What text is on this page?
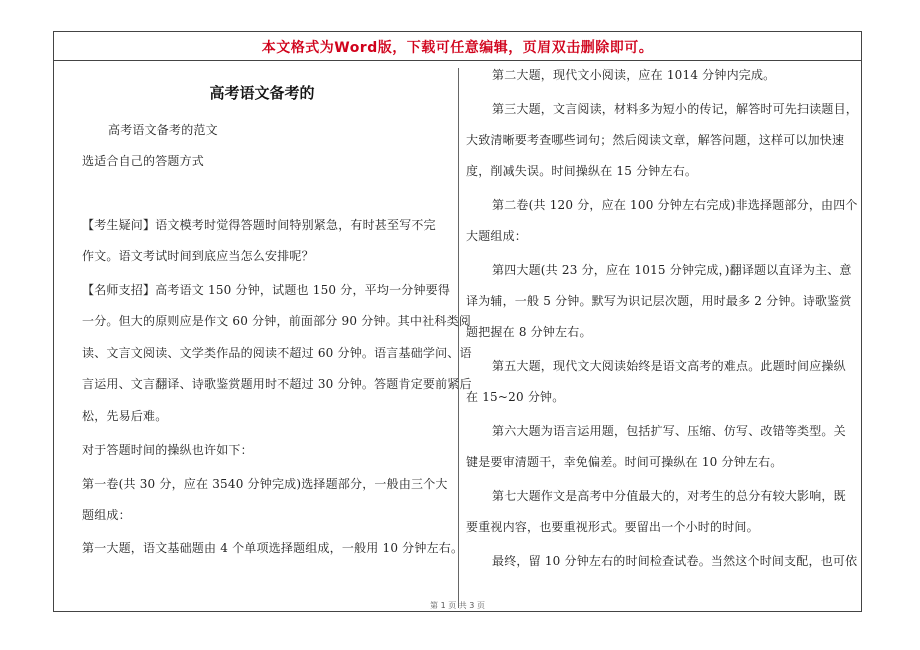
本文格式为Word版，下载可任意编辑，页眉双击删除即可。
高考语文备考的
高考语文备考的范文
选适合自己的答题方式
【考生疑问】语文模考时觉得答题时间特别紧急，有时甚至写不完
作文。语文考试时间到底应当怎么安排呢？
【名师支招】高考语文 150 分钟，试题也 150 分，平均一分钟要得
一分。但大的原则应是作文 60 分钟，前面部分 90 分钟。其中社科类阅
读、文言文阅读、文学类作品的阅读不超过 60 分钟。语言基础学问、语
言运用、文言翻译、诗歌鉴赏题用时不超过 30 分钟。答题肯定要前紧后
松，先易后难。
对于答题时间的操纵也许如下：
第一卷(共 30 分，应在 3540 分钟完成)选择题部分，一般由三个大
题组成：
第一大题，语文基础题由 4 个单项选择题组成，一般用 10 分钟左右。
第二大题，现代文小阅读，应在 1014 分钟内完成。
第三大题，文言阅读，材料多为短小的传记，解答时可先扫读题目，
大致清晰要考查哪些词句；然后阅读文章，解答问题，这样可以加快速
度，削减失误。时间操纵在 15 分钟左右。
第二卷(共 120 分，应在 100 分钟左右完成)非选择题部分，由四个
大题组成：
第四大题(共 23 分，应在 1015 分钟完成，)翻译题以直译为主、意
译为辅，一般 5 分钟。默写为识记层次题，用时最多 2 分钟。诗歌鉴赏
题把握在 8 分钟左右。
第五大题，现代文大阅读始终是语文高考的难点。此题时间应操纵
在 15~20 分钟。
第六大题为语言运用题，包括扩写、压缩、仿写、改错等类型。关
键是要审清题干，幸免偏差。时间可操纵在 10 分钟左右。
第七大题作文是高考中分值最大的，对考生的总分有较大影响，既
要重视内容，也要重视形式。要留出一个小时的时间。
最终，留 10 分钟左右的时间检查试卷。当然这个时间支配，也可依
第 1 页 共 3 页
